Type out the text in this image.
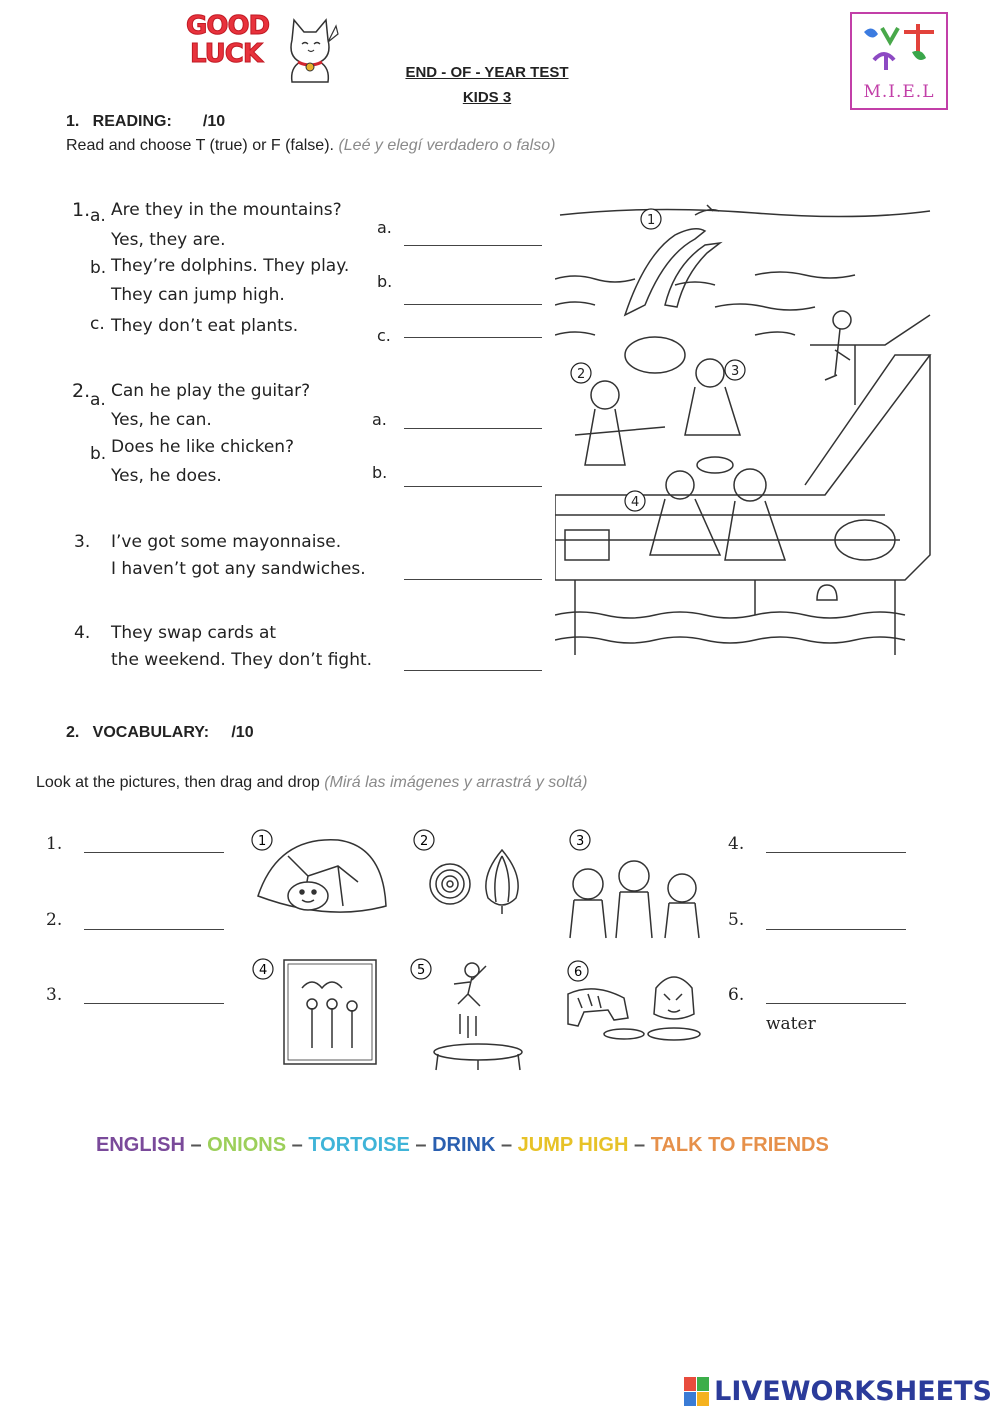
GOOD
LUCK
END - OF - YEAR TEST
KIDS 3	M.I.E.L
1.   READING:       /10
Read and choose T (true) or F (false). (Leé y elegí verdadero o falso)
1. a. Are they in the mountains?
Yes, they are.
b. They’re dolphins. They play.
They can jump high.
c. They don’t eat plants.
a.
b.
c.
2. a. Can he play the guitar?
Yes, he can.
b. Does he like chicken?
Yes, he does.
a.
b.
3. I’ve got some mayonnaise.
I haven’t got any sandwiches.
4. They swap cards at
the weekend. They don’t fight.
1
2	3
4
2.   VOCABULARY:     /10
Look at the pictures, then drag and drop (Mirá las imágenes y arrastrá y soltá)
1.
2.
3.
4.
5.
6.
water
1	2	3
4	5	6
ENGLISH – ONIONS – TORTOISE – DRINK – JUMP HIGH – TALK TO FRIENDS
LIVEWORKSHEETS
